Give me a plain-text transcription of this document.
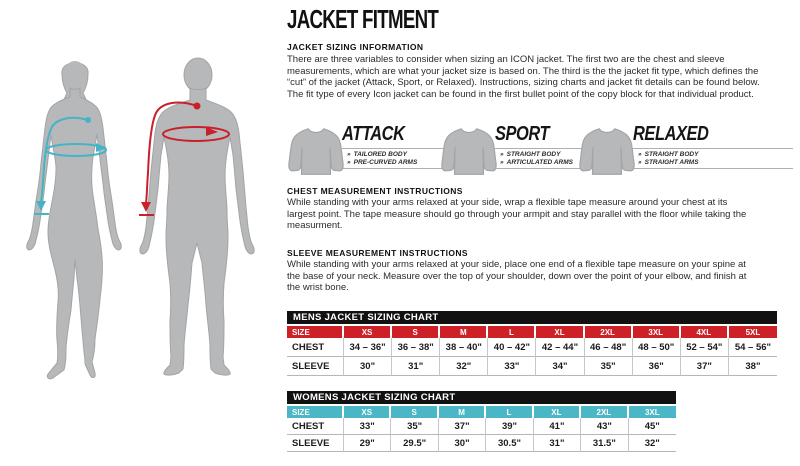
JACKET FITMENT
JACKET SIZING INFORMATION

There are three variables to consider when sizing an ICON jacket. The first two are the chest and sleeve measurements, which are what your jacket size is based on. The third is the the jacket fit type, which defines the “cut” of the jacket (Attack, Sport, or Relaxed). Instructions, sizing charts and jacket fit details can be found below. The fit type of every Icon jacket can be found in the first bullet point of the copy block for that individual product.

ATTACK
» TAILORED BODY
» PRE-CURVED ARMS
SPORT
» STRAIGHT BODY
» ARTICULATED ARMS
RELAXED
» STRAIGHT BODY
» STRAIGHT ARMS
CHEST MEASUREMENT INSTRUCTIONS

While standing with your arms relaxed at your side, wrap a flexible tape measure around your chest at its largest point. The tape measure should go through your armpit and stay parallel with the floor while taking the measurment.

SLEEVE MEASUREMENT INSTRUCTIONS

While standing with your arms relaxed at your side, place one end of a flexible tape measure on your spine at the base of your neck. Measure over the top of your shoulder, down over the point of your elbow, and finish at the wrist bone.

MENS JACKET SIZING CHART
SIZE	XS	S	M	L	XL	2XL	3XL	4XL	5XL
CHEST	34 – 36"	36 – 38"	38 – 40"	40 – 42"	42 – 44"	46 – 48"	48 – 50"	52 – 54"	54 – 56"
SLEEVE	30"	31"	32"	33"	34"	35"	36"	37"	38"
WOMENS JACKET SIZING CHART
SIZE	XS	S	M	L	XL	2XL	3XL
CHEST	33"	35"	37"	39"	41"	43"	45"
SLEEVE	29"	29.5"	30"	30.5"	31"	31.5"	32"
